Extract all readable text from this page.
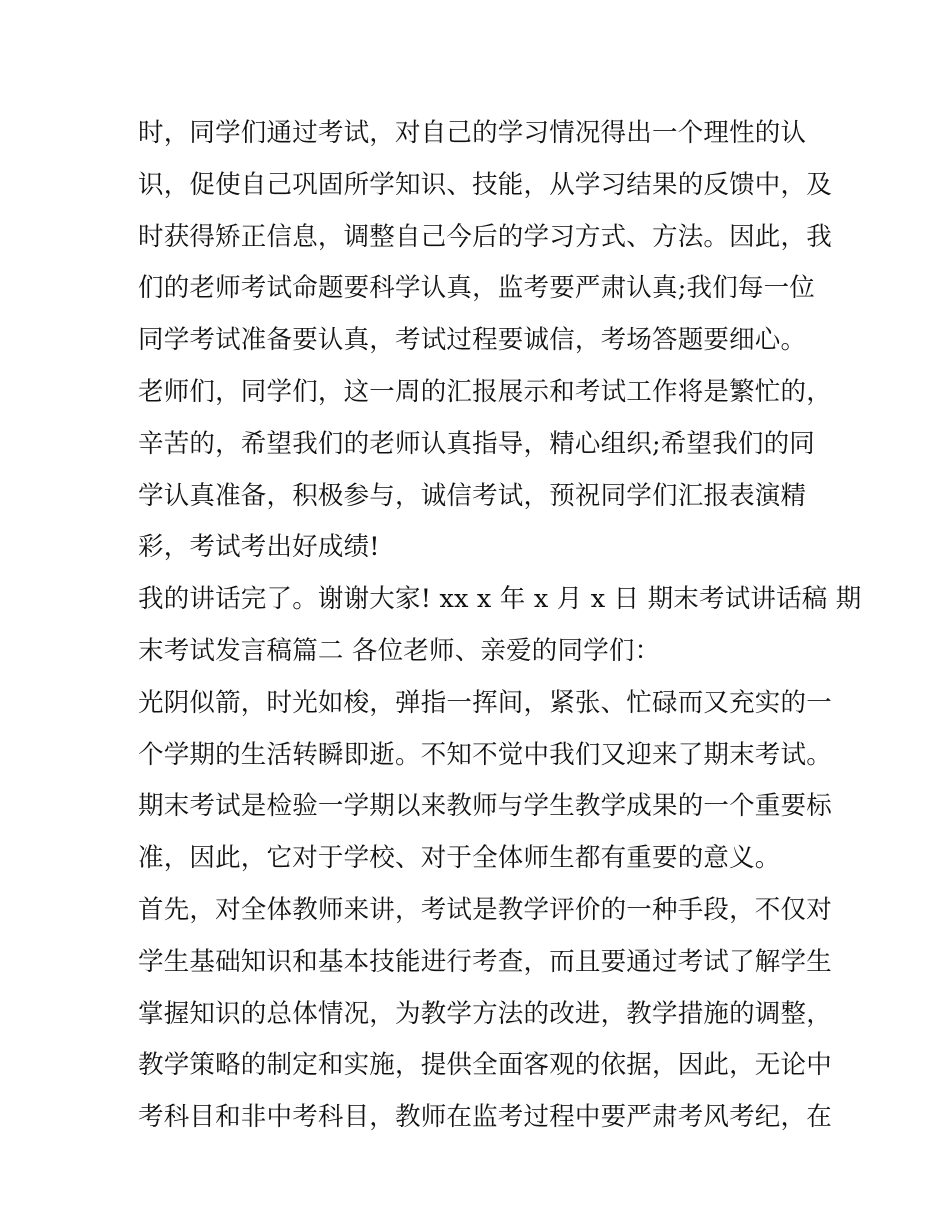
时，同学们通过考试，对自己的学习情况得出一个理性的认
识，促使自己巩固所学知识、技能，从学习结果的反馈中，及
时获得矫正信息，调整自己今后的学习方式、方法。因此，我
们的老师考试命题要科学认真，监考要严肃认真;我们每一位
同学考试准备要认真，考试过程要诚信，考场答题要细心。
老师们，同学们，这一周的汇报展示和考试工作将是繁忙的，
辛苦的，希望我们的老师认真指导，精心组织;希望我们的同
学认真准备，积极参与，诚信考试，预祝同学们汇报表演精
彩，考试考出好成绩!
我的讲话完了。谢谢大家! xx x 年 x 月 x 日 期末考试讲话稿 期
末考试发言稿篇二 各位老师、亲爱的同学们：
光阴似箭，时光如梭，弹指一挥间，紧张、忙碌而又充实的一
个学期的生活转瞬即逝。不知不觉中我们又迎来了期末考试。
期末考试是检验一学期以来教师与学生教学成果的一个重要标
准，因此，它对于学校、对于全体师生都有重要的意义。
首先，对全体教师来讲，考试是教学评价的一种手段，不仅对
学生基础知识和基本技能进行考查，而且要通过考试了解学生
掌握知识的总体情况，为教学方法的改进，教学措施的调整，
教学策略的制定和实施，提供全面客观的依据，因此，无论中
考科目和非中考科目，教师在监考过程中要严肃考风考纪，在
